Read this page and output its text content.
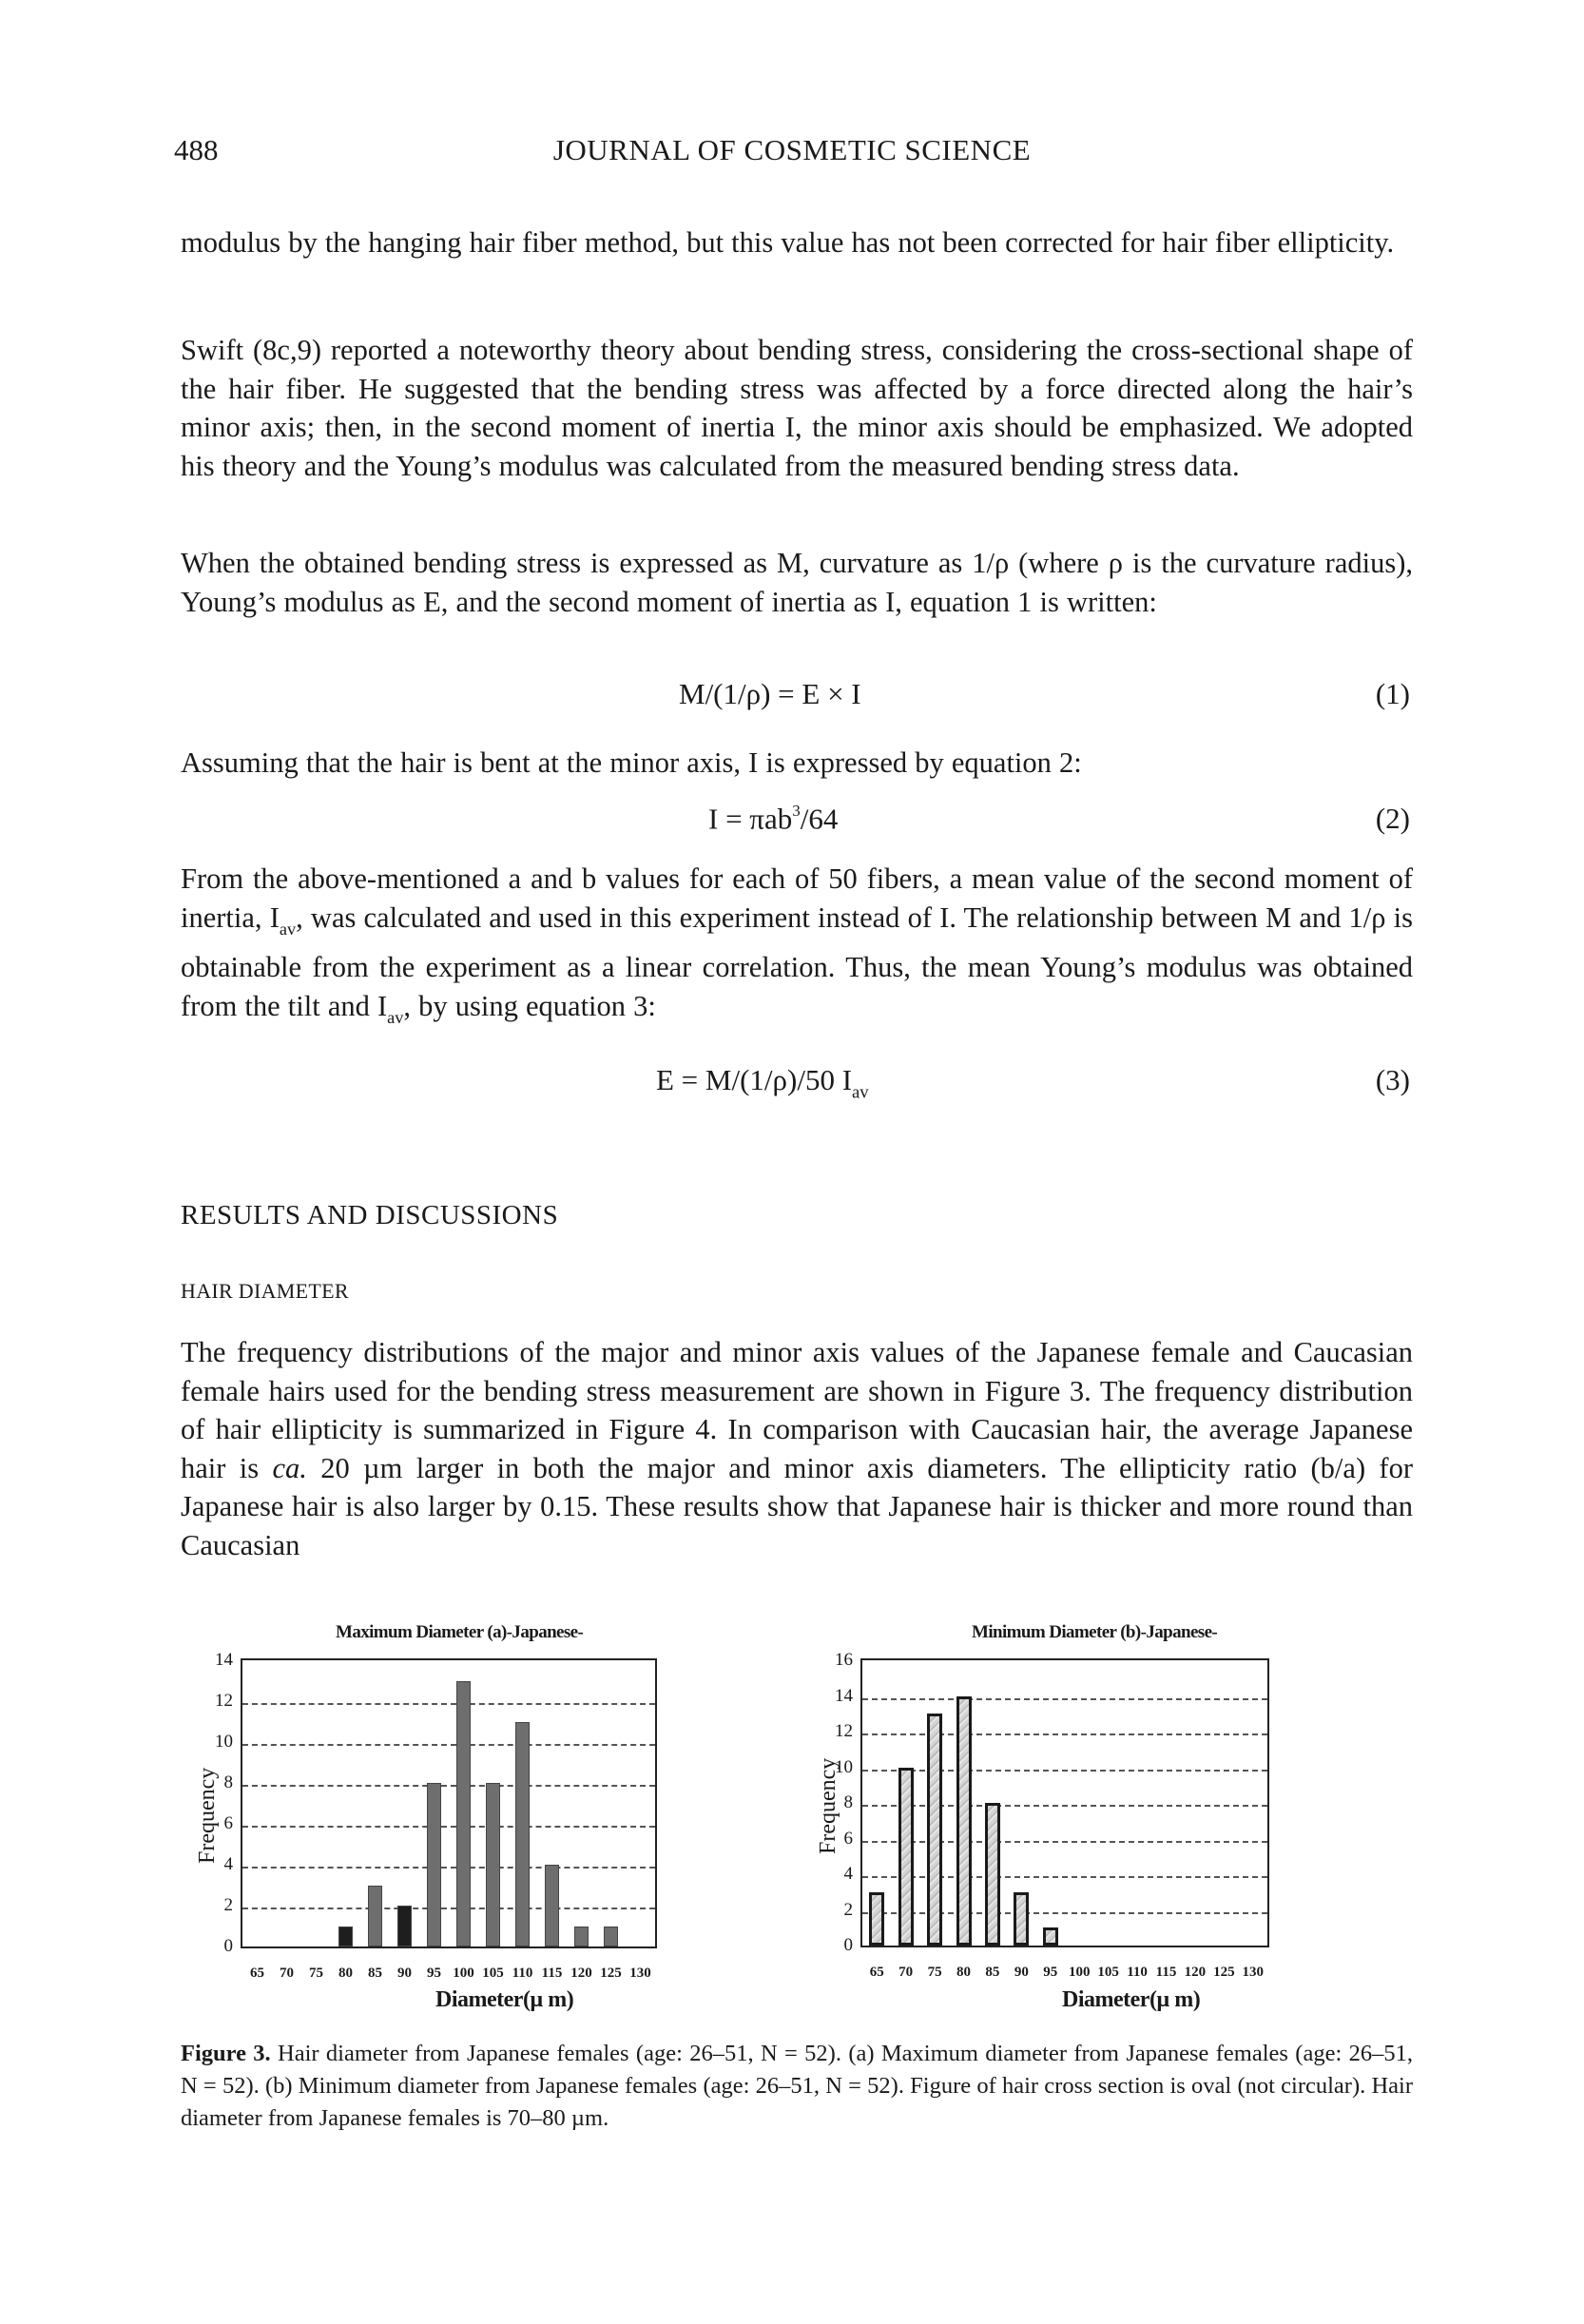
488	JOURNAL OF COSMETIC SCIENCE

modulus by the hanging hair fiber method, but this value has not been corrected for hair fiber ellipticity.

Swift (8c,9) reported a noteworthy theory about bending stress, considering the cross-sectional shape of the hair fiber. He suggested that the bending stress was affected by a force directed along the hair’s minor axis; then, in the second moment of inertia I, the minor axis should be emphasized. We adopted his theory and the Young’s modulus was calculated from the measured bending stress data.

When the obtained bending stress is expressed as M, curvature as 1/ρ (where ρ is the curvature radius), Young’s modulus as E, and the second moment of inertia as I, equation 1 is written:

M/(1/ρ) = E × I	(1)

Assuming that the hair is bent at the minor axis, I is expressed by equation 2:

I = πab$^3$/64	(2)

From the above-mentioned a and b values for each of 50 fibers, a mean value of the second moment of inertia, $I_{av}$, was calculated and used in this experiment instead of I. The relationship between M and 1/ρ is obtainable from the experiment as a linear correlation. Thus, the mean Young’s modulus was obtained from the tilt and $I_{av}$, by using equation 3:

E = M/(1/ρ)/50 $I_{av}$	(3)
RESULTS AND DISCUSSIONS
HAIR DIAMETER

The frequency distributions of the major and minor axis values of the Japanese female and Caucasian female hairs used for the bending stress measurement are shown in Figure 3. The frequency distribution of hair ellipticity is summarized in Figure 4. In comparison with Caucasian hair, the average Japanese hair is ca. 20 µm larger in both the major and minor axis diameters. The ellipticity ratio (b/a) for Japanese hair is also larger by 0.15. These results show that Japanese hair is thicker and more round than Caucasian

Maximum Diameter (a)-Japanese-
Frequency
0
2
4
6
8
10
12
14
65	70	75	80	85	90	95 100 105 110 115 120 125 130
Diameter(µ m)
Minimum Diameter (b)-Japanese-
Frequency
0
2
4
6
8
10
12
14
16
65	70	75	80	85	90	95 100 105 110 115 120 125 130
Diameter(µ m)

Figure 3. Hair diameter from Japanese females (age: 26–51, N = 52). (a) Maximum diameter from Japanese females (age: 26–51, N = 52). (b) Minimum diameter from Japanese females (age: 26–51, N = 52). Figure of hair cross section is oval (not circular). Hair diameter from Japanese females is 70–80 µm.
